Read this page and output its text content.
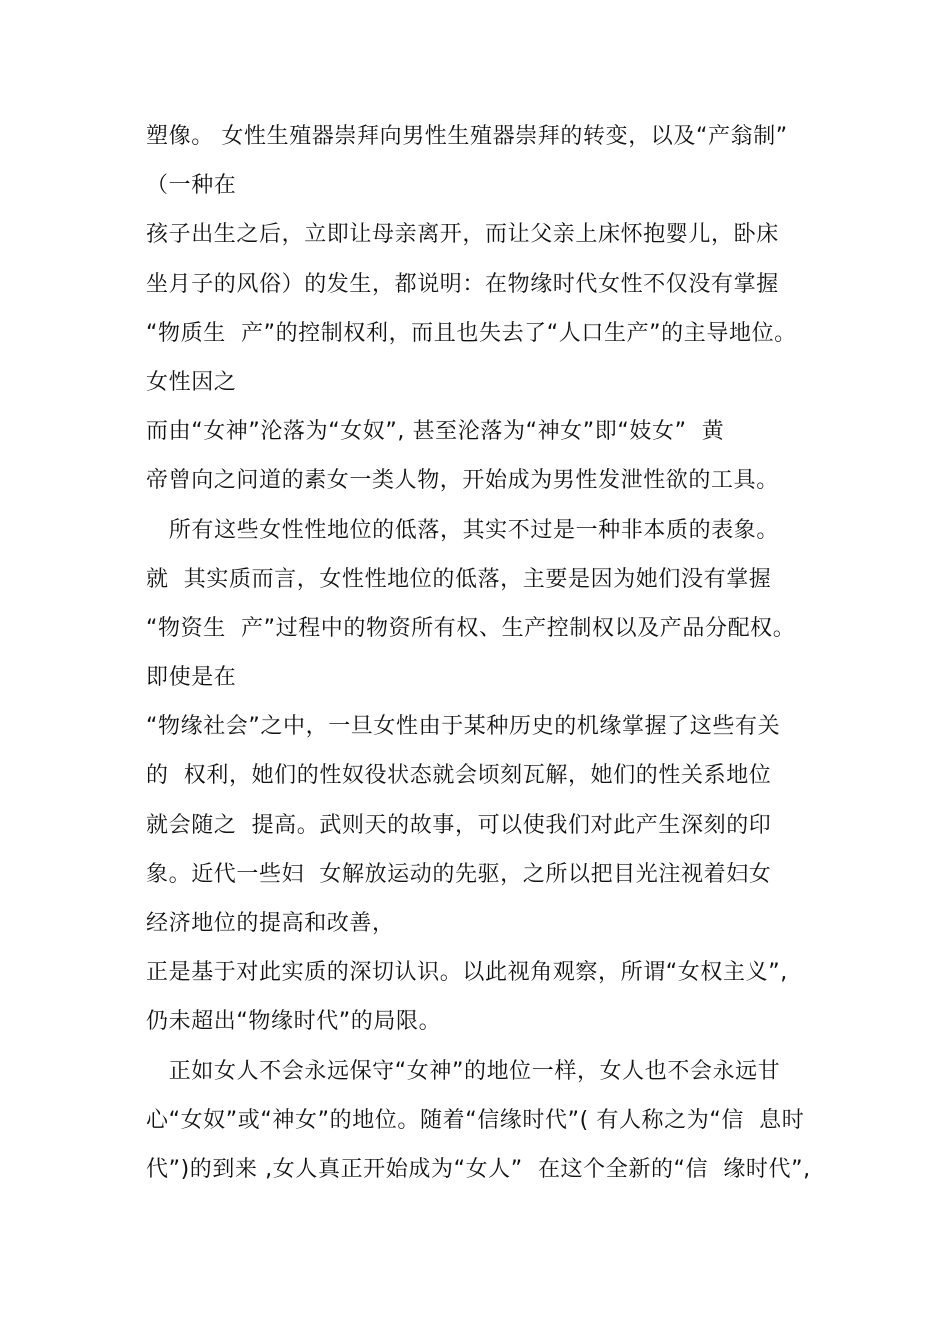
塑像。 女性生殖器崇拜向男性生殖器崇拜的转变，以及“产翁制”
（一种在
孩子出生之后，立即让母亲离开，而让父亲上床怀抱婴儿，卧床
坐月子的风俗）的发生，都说明：在物缘时代女性不仅没有掌握
“物质生  产”的控制权利，而且也失去了“人口生产”的主导地位。
女性因之
而由“女神”沦落为“女奴”, 甚至沦落为“神女”即“妓女”  黄
帝曾向之问道的素女一类人物，开始成为男性发泄性欲的工具。
所有这些女性性地位的低落，其实不过是一种非本质的表象。
就  其实质而言，女性性地位的低落，主要是因为她们没有掌握
“物资生  产”过程中的物资所有权、生产控制权以及产品分配权。
即使是在
“物缘社会”之中，一旦女性由于某种历史的机缘掌握了这些有关
的  权利，她们的性奴役状态就会顷刻瓦解，她们的性关系地位
就会随之  提高。武则天的故事，可以使我们对此产生深刻的印
象。近代一些妇  女解放运动的先驱，之所以把目光注视着妇女
经济地位的提高和改善，
正是基于对此实质的深切认识。以此视角观察，所谓“女权主义”,
仍未超出“物缘时代”的局限。
正如女人不会永远保守“女神”的地位一样，女人也不会永远甘
心“女奴”或“神女”的地位。随着“信缘时代”( 有人称之为“信  息时
代”)的到来 ,女人真正开始成为“女人”  在这个全新的“信  缘时代”,
